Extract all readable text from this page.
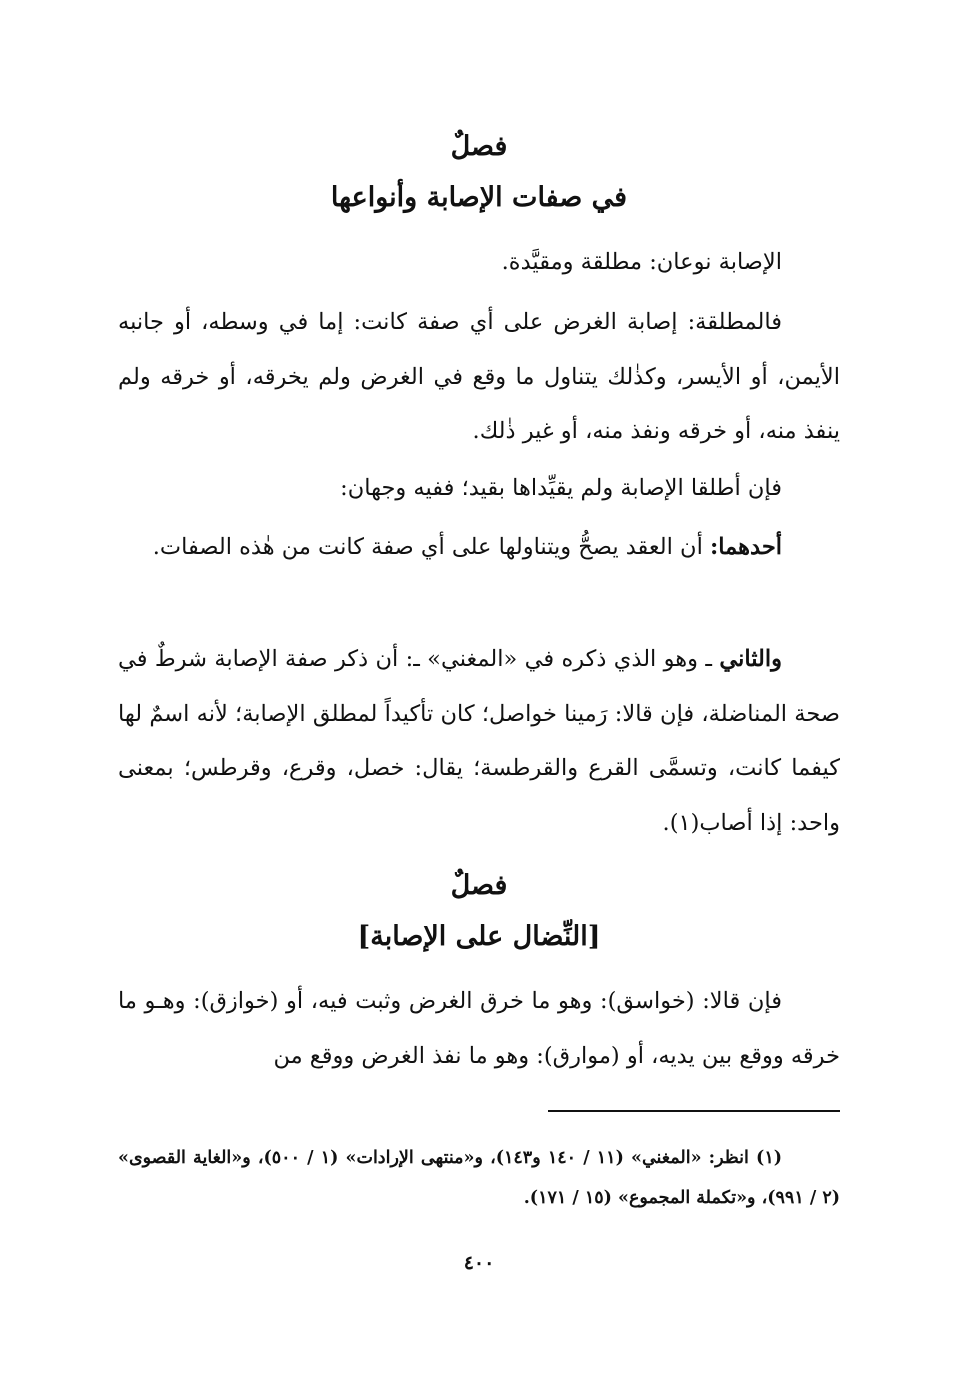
فصلٌ
في صفات الإصابة وأنواعها

الإصابة نوعان: مطلقة ومقيَّدة.

فالمطلقة: إصابة الغرض على أي صفة كانت: إما في وسطه، أو جانبه الأيمن، أو الأيسر، وكذٰلك يتناول ما وقع في الغرض ولم يخرقه، أو خرقه ولم ينفذ منه، أو خرقه ونفذ منه، أو غير ذٰلك.

فإن أطلقا الإصابة ولم يقيِّداها بقيد؛ ففيه وجهان:

أحدهما: أن العقد يصحُّ ويتناولها على أي صفة كانت من هٰذه الصفات.

والثاني ـ وهو الذي ذكره في «المغني» ـ: أن ذكر صفة الإصابة شرطٌ في صحة المناضلة، فإن قالا: رَمينا خواصل؛ كان تأكيداً لمطلق الإصابة؛ لأنه اسمٌ لها كيفما كانت، وتسمَّى القرع والقرطسة؛ يقال: خصل، وقرع، وقرطس؛ بمعنى واحد: إذا أصاب(١).

فصلٌ
[النِّضال على الإصابة]

فإن قالا: (خواسق): وهو ما خرق الغرض وثبت فيه، أو (خوازق): وهـو ما خرقه ووقع بين يديه، أو (موارق): وهو ما نفذ الغرض ووقع من

(١) انظر: «المغني» (١١ / ١٤٠ و١٤٣)، و«منتهى الإرادات» (١ / ٥٠٠)، و«الغاية القصوى» (٢ / ٩٩١)، و«تكملة المجموع» (١٥ / ١٧١).

٤٠٠
